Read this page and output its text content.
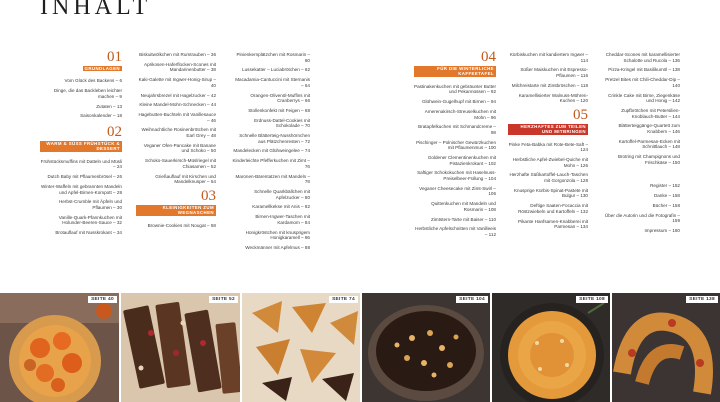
INHALT
01
GRUNDLAGEN
Vom Glück des Backens – 6
Dinge, die das Backleben leichter machen – 9
Zutaten – 13
Saisonkalender – 18
02
WARM & SÜSS FRÜHSTÜCK & DESSERT
Frühstücksmuffins mit Datteln und Müsli – 24
Dutch Baby mit Pflaumenbrösel – 26
Winter-Waffeln mit gebrannten Mandeln und Apfel-Birnen-Kompott – 28
Herbst-Crumble mit Äpfeln und Pflaumen – 30
Vanille-Quark-Pfannkuchen mit Holunder-Beeren-Sauce – 32
Brotauflauf mit Nusskrokant – 34
Biskuitwölkchen mit Rumtrauben – 36
Aprikosen-Haferflocken-Scones mit Mandarinenbutter – 38
Kaki-Galette mit Ingwer-Honig-Sirup – 40
Neujahrsbrezel mit Hagelzucker – 42
Kleine Mandel-Mohn-Schnecken – 44
Hagebutten-Buchteln mit Vanillesauce – 46
Weihnachtliche Rosinenbrötchen mit Earl Grey – 48
Veganer Ofen-Pancake mit Banane und Schoko – 50
Schoko-Sauerkirsch-Müslriegel mit Chiasamen – 52
Grießauflauf mit Kirschen und Mandelknusper – 54
03
KLEINIGKEITEN ZUM WEGNASCHEN
Brownie-Cookies mit Nougat – 58
Pinienkernplätzchen mit Rosmarin – 60
Lussekatter – Luciabrötchen – 62
Macadamia-Cantuccini mit Sternanis – 64
Orangen-Olivenöl-Muffins mit Cranberrys – 66
Stollenkonfekt mit Feigen – 68
Erdnuss-Dattel-Cookies mit Schokolade – 70
Schnelle Blätterteig-Nusshörnchen aus Plätzchenresten – 72
Mandelecken mit Glühweingelee – 74
Kinderleichte Pfefferkuchen mit Zimt – 76
Maronen-Bärentatzen mit Mandeln – 78
Schnelle Quarkbällchen mit Apfelzucker – 80
Karamellkekse mit Anis – 82
Birnen-Ingwer-Taschen mit Kardamom – 84
Honigkröstchen mit knusprigem Honigkaramell – 86
Weckmänner mit Apfelmus – 88
04
FÜR DIE WINTERLICHE KAFFEETAFEL
Pastinakenkuchen mit gebräunter Butter und Pekannüssen – 92
Glühwein-Gugelhupf mit Birnen – 94
Amerenakirsch-Streuselkuchen mit Mohn – 96
Bratapfelkuchen mit Schmandcreme – 98
Pischinger – Polnischer Gewürzkuchen mit Pflaumenmus – 100
Goldener Clementinenkuchen mit Pistazienkrokant – 102
Saftiger Schokokuchen mit Haselnuss-Preiselbeer-Füllung – 104
Veganer Cheesecake mit Zimt-Swirl – 106
Quittenkuchen mit Mandeln und Rosmarin – 108
Zimtstern-Tarte mit Baiser – 110
Herbstliche Apfelschnitten mit Vanilleeis – 112
Kürbiskuchen mit kandiertem Ingwer – 114
Süßer Maiskuchen mit Espresso-Pflaumen – 116
Milchreistarte mit Zimtbröschen – 118
Karamellisierter Walnuss-Möhren-Kuchen – 120
05
HERZHAFTES ZUM TEILEN UND MITBRINGEN
Pinke Feta-Babka mit Rote-Bete-Saft – 124
Herbstliche Apfel-Zwiebel-Quiche mit Mohn – 126
Herzhafte Süßkartoffel-Lauch-Taschen mit Gorgonzola – 128
Knusprige Kürbis-Spinat-Pastete mit Bulgur – 130
Deftige Saaten-Focaccia mit Röstzwiebeln und Kartoffeln – 132
Pikante Hanfsamen-Knabberei mit Parmesan – 134
Cheddar-Scones mit karamellisierter Schalotte und Rucola – 136
Pizza-Kringel mit Basilikumöl – 138
Pretzel Bites mit Chili-Cheddar-Dip – 140
Crinkle Cake mit Birne, Ziegenkäse und Honig – 142
Zupfbrötchen mit Petersilien-Knoblauch-Butter – 144
Blätterteiggänge-Quartett zum Knabbern – 146
Kartoffel-Parmesan-Ecken mit Schnittlauch – 148
Brotring mit Champignons und Frischkäse – 150
Register – 152
Danke – 158
Bücher – 158
Über die Autorin und die Fotografin – 159
Impressum – 160
SEITE 40	SEITE 52	SEITE 74	SEITE 104	SEITE 108	SEITE 138
